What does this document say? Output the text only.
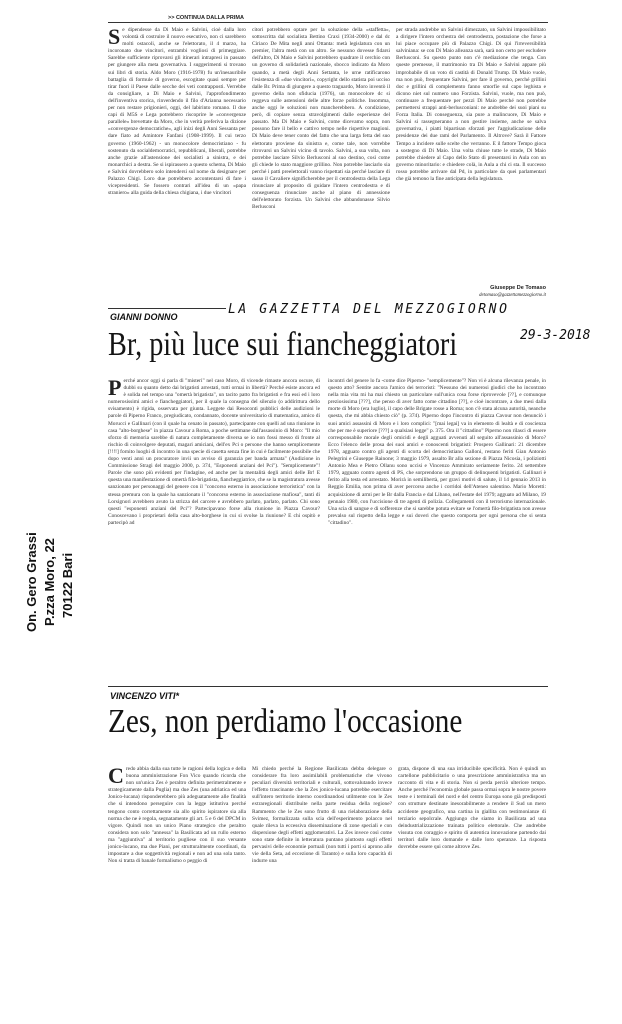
On. Gero Grassi P.zza Moro, 22 70122 Bari
>> CONTINUA DALLA PRIMA
S e dipendesse da Di Maio e Salvini, cioè dalla loro volontà di costruire il nuovo esecutivo, non ci sarebbero molti ostacoli, anche se l'elettorato, il 4 marzo, ha incoronato due vincitori, entrambi vogliosi di primeggiare. Sarebbe sufficiente riprovarsi gli itinerari intrapresi in passato per giungere alla meta governativa. I suggerimenti si trovano sui libri di storia. Aldo Moro (1916-1978) fu un'inesauribile battaglia di formule di governo, escogitate quasi sempre per tirar fuori il Paese dalle secche dei veti contrapposti. Verrebbe da consigliare, a Di Maio e Salvini, l'approfondimento dell'inventiva storica, rinverdendo il filo d'Arianna necessario per non restare prigionieri, oggi, del labirinto romano. Il due capi di M5S e Lega potrebbero riscoprire le «convergenze parallele» brevettate da Moro, che in verità preferiva la dizione «convergenze democratiche», agli inizi degli Anni Sessanta per dare fiato ad Amintore Fanfani (1908-1999). Il cui terzo governo (1960-1962) - un monocolore democristiano - fu sostenuto da socialdemocratici, repubblicani, liberali, potrebbe anche grazie all'astensione dei socialisti a sinistra, e dei monarchici a destra. Se si ispirassero a questo schema, Di Maio e Salvini dovrebbero solo intendersi sul nome da designare per Palazzo Chigi. Loro due potrebbero accontentarsi di fare i vicepresidenti. Se fossero contrari all'idea di un «papa straniero» alla guida della chiesa chigiana, i due vincitori
citori potrebbero optare per la soluzione della «staffetta», sottoscritta dal socialista Bettino Craxi (1934-2000) e dal dc Ciriaco De Mita negli anni Ottanta: metà legislatura con un premier, l'altra metà con un altro. Se nessuno dovesse fidarsi dell'altro, Di Maio e Salvini potrebbero quadrare il cerchio con un governo di solidarietà nazionale, sbocco indicato da Moro quando, a metà degli Anni Settanta, le urne ratificarono l'esistenza di «due vincitori», copyright dello statista poi ucciso dalle Br. Prima di giungere a questo traguardo, Moro inventò il governo della non sfiducia (1976), un monocolore dc si reggeva sulle astensioni delle altre forze politiche. Insomma, anche oggi le soluzioni non mancherebbero. A condizione, però, di copiare senza stravolgimenti dalle esperienze del passato. Ma Di Maio e Salvini, come dicevamo sopra, non possono fare il bello e cattivo tempo nelle rispettive magioni. Di Maio deve tener conto del fatto che una larga fetta del suo elettorato proviene da sinistra e, come tale, non vorrebbe ritrovarsi un Salvini vicino di tavolo. Salvini, a sua volta, non potrebbe lasciare Silvio Berlusconi al suo destino, così come gli chiede lo stato maggiore grillino. Non potrebbe lasciarlo sia perché i patti preelettorali vanno rispettati sia perché lasciare di sasso il Cavaliere significherebbe per il centrodestra della Lega rinunciare al proposito di guidare l'intero centrodestra e di conseguenza rinunciare anche al piano di annessione dell'elettorato forzista. Un Salvini che abbandonasse Silvio Berlusconi
per strada andrebbe un Salvini dimezzato, un Salvini impossibilitato a dirigere l'intero orchestra del centrodestra, postazione che forse a lui piace occupare più di Palazzo Chigi. Di qui l'irreversibilità salviniana: se con Di Maio alleanza sarà, sarà non certo per escludere Berlusconi. Su questo punto non c'è mediazione che tenga. Con queste premesse, il matrimonio tra Di Maio e Salvini appare più improbabile di un voto di castità di Donald Trump. Di Maio vuole, ma non può, frequentare Salvini, per fare il governo, perché grillini doc e grillini di complemento fanno smorfie sul capo leghista e dicono niet sul numero uno Forzista. Salvini, vuole, ma non può, continuare a frequentare per pezzi Di Maio perché non potrebbe permettersi strappi anti-berlusconiani: ne andrebbe dei suoi piani su Forza Italia. Di conseguenza, sia pure a malincuore, Di Maio e Salvini si rassegneranno a non gestire insieme, anche se salva governativa, i piatti bipartisan sforzati per l'aggiudicazione delle presidenze dei due rami del Parlamento. Il Altrove? Sarà il Fattore Tempo a incidere sulle scelte che verranno. E il fattore Tempo gioca a sostegno di Di Maio. Una volta chiuse tutte le strade, Di Maio potrebbe chiedere al Capo dello Stato di presentarsi in Aula con un governo minoritario: e chiedere colà, in Aula a chi ci sta. Il successo rosso potrebbe arrivare dal Pd, in particolare da quei parlamentari che già temono la fine anticipata della legislatura.
Giuseppe De Tomaso
detomaso@gazzettamezzogiorno.it
LA GAZZETTA DEL MEZZOGIORNO
29-3-2018
GIANNI DONNO
Br, più luce sui fiancheggiatori
P erché ancor oggi si parla di "misteri" nel caso Moro, di vicende rimaste ancora oscure, di dubbi su quanto detto dai brigatisti arrestati, tutti ormai in libertà? Perché esiste ancora ed è solida nel tempo una "omertà brigatista", un tacito patto fra brigatisti e fra essi ed i loro numerosissimi amici e fiancheggiatori, per il quale la consegna del silenzio (o addirittura dello svisamento) è rigida, osservata per giunta. Leggete dai Resoconti pubblici delle audizioni le parole di Piperno Franco, pregiudicato, condannato, docente universitario di matematica, amico di Morucci e Gallinari (con il quale ha cenato in passato), partecipante con quelli ad una riunione in casa "alto-borghese" in piazza Cavour a Roma, a poche settimane dall'assassinio di Moro: "Il mio sforzo di memoria sarebbe di natura completamente diversa se io non fossi messo di fronte al rischio di coinvolgere deputati, magari amiciani, dell'ex Pci o persone che hanno semplicemente [!!!!] fornito luoghi di incontro in una specie di casetta senza fine in cui è facilmente possibile che dopo venti anni un procuratore invii un avviso di garanzia per banda armata" (Audizione in Commissione Stragi del maggio 2000, p. 374, "Esponenti anziani del Pci"). "Semplicemente"! Parole che sono più evidenti per l'indagine, ed anche per la mentalità degli amici delle Br! E questa una manifestazione di omertà filo-brigatista, fiancheggiatrice, che se la magistratura avesse sanzionato per personaggi del genere con il "concorso esterno in associazione terroristica" con la stessa premura con la quale ha sanzionato il "concorso esterno in associazione mafiosa", tanti di Lorsignori avrebbero avuto la strizza del carcere e avrebbero parlato, parlato, parlato. Chi sono questi "esponenti anziani del Pci"? Partecipavano forse alla riunione in Piazza Cavour? Conoscevano i proprietari della casa alto-borghese in cui si svolse la riunione? E chi ospitò e partecipò ad
incontri del genere lo fa -come dice Piperno- "semplicemente"? Non vi è alcuna rilevanza penale, in questo atto? Sentite ancora l'amico dei terroristi: "Nessuno dei numerosi giudici che ho incontrato nella mia vita mi ha mai chiesto un particolare sull'unica cosa forse riprovevole [??], e comunque preziosissima [???], che penso di aver fatto come cittadino [??], e cioè incontrare, a due mesi dalla morte di Moro (era luglio), il capo delle Brigate rosse a Roma; non c'è stata alcuna autorità, neanche questa, che mi abbia chiesto ciò" (p. 374). Piperno dopo l'incontro di piazza Cavour non denunciò i suoi amici assassini di Moro e i loro complici: "[mai legai] va in elemento di lealtà e di coscienza che per me è superiore [???] a qualsiasi legge" p. 375. Ora il "cittadino" Piperno non rilasci di essere corresponsabile morale degli omicidi e degli agguati avvenuti all seguito all'assassinio di Moro? Ecco l'elenco delle prosa dei suoi amici e conoscenti brigatisti: Prospero Gallinari: 21 dicembre 1978, agguato contro gli agenti di scorta del democristiano Galloni, restano feriti Gian Antonio Pelegrini e Giuseppe Rainone; 3 maggio 1979, assalto Br alla sezione di Piazza Nicosia, i poliziotti Antonio Mea e Pietro Ollanu sono uccisi e Vincenzo Ammirato seriamente ferito. 24 settembre 1979, agguato contro agenti di PS, che sorprendono un gruppo di delinquenti brigatisti. Gallinari è ferito alla testa ed arrestato. Morirà in semilibertà, per gravi motivi di salute, il 14 gennaio 2013 in Reggio Emilia, non prima di aver percorso anche i corridoi dell'Ateneo salentino. Mario Moretti: acquisizione di armi per le Br dalla Francia e dal Libano, nell'estate del 1979; agguato ad Milano, 19 gennaio 1980, con l'uccisione di tre agenti di polizia. Collegamenti con il terrorismo internazionale. Una scia di sangue e di sofferenze che si sarebbe potuta evitare se l'omertà filo-brigatista non avesse prevalso sul rispetto della legge e sui doveri che questo comporta per ogni persona che si senta "cittadino".
VINCENZO VITI*
Zes, non perdiamo l'occasione
C redo abbia dalla sua tutte le ragioni della logica e della buona amministrazione Fon Vico quando ricorda che non un'unica Zes è peraltro definita perimetralmente e strategicamente dalla Puglia) ma due Zes (una adriatica ed una Jonico-lucana) risponderebbero più adeguatamente alle finalità che si intendono perseguire con la legge istitutiva perché tengono conto correttamente sia allo spirito ispiratore sia alla norma che ne è regola, segnatamente gli art. 5 e 6 del DPCM in vigore. Quindi non un unico Piano strategico che peraltro considera non solo "annessa" la Basilicata ad un rullo esterno ma "aggiuntiva" al territorio pugliese con il suo versante jonico-lucano, ma due Piani, per strutturalmente coordinati, da impostare a due soggettività regionali e non ad una sola tanto. Non si tratta di banale formalismo o peggio di
Mi chiedo perché la Regione Basilicata debba delegare o considerare fra loro assimilabili problematiche che vivono peculiari diversità territoriali e culturali, sottovalutando invece l'effetto trascinante che la Zes jonico-lucana potrebbe esercitare sull'intero territorio interno coordinandosi utilmente con le Zes extraregionali distribuite nella parte residua della regione? Rammento che le Zes sono frutto di una rielaborazione della Svimez, formalizzata sulla scia dell'esperimento polacco nel quale rileva la eccessiva disseminazione di zone speciali e con dispersione degli effetti agglomerativi. La Zes invece così come sono state definite in letteratura puntano piuttosto sugli effetti pervasivi delle economie portuali (non tutti i porti si aprono alle vie della Seta, ad eccezione di Taranto) e sulla loro capacità di indurre una
grata, dispone di una sua irriducibile specificità. Non è quindi un cartellone pubblicitario o una prescrizione amministrativa ma un racconto di vita e di storia. Non si perda perciò ulteriore tempo. Anche perché l'economia globale passa ormai sopra le nostre povere teste e i terminali del nord e del centro Europa sono già predisposti con strutture destinate inesorabilmente a rendere il Sud un mero accidente geografico, una cartina in giallita con testimonianze di terziario sepolcrale. Aggiungo che siamo in Basilicata ad una deindustrializzazione trainata politico elettorale. Che andrebbe vissuta con coraggio e spirito di autentica innovazione partendo dai territori dalle loro domande e dalle loro speranze. La risposta dovrebbe essere qui come altrove Zes.
